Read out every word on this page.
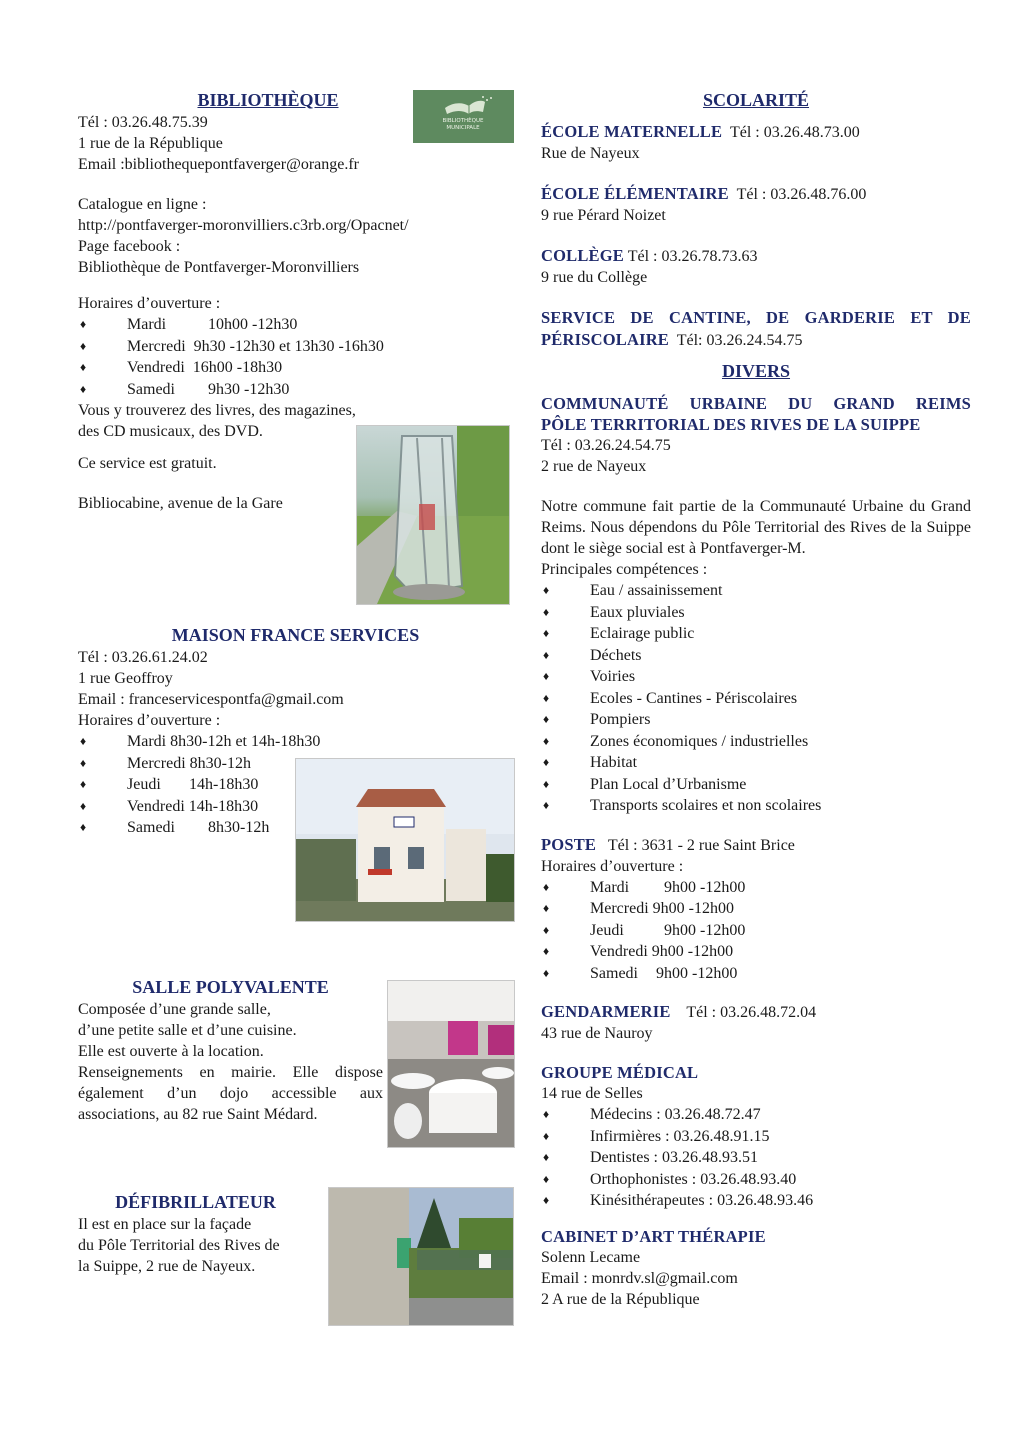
BIBLIOTHÈQUE

Tél : 03.26.48.75.39

1 rue de la République

Email :bibliothequepontfaverger@orange.fr

Catalogue en ligne :

http://pontfaverger-moronvilliers.c3rb.org/Opacnet/

Page facebook :

Bibliothèque de Pontfaverger-Moronvilliers

Horaires d’ouverture :

♦	Mardi	10h00 -12h30
♦	Mercredi 9h30 -12h30 et 13h30 -16h30
♦	Vendredi 16h00 -18h30
♦	Samedi 9h30 -12h30

Vous y trouverez des livres, des magazines,

des CD musicaux, des DVD.

Ce service est gratuit.

Bibliocabine, avenue de la Gare

MAISON FRANCE SERVICES

Tél : 03.26.61.24.02

1 rue Geoffroy

Email : franceservicespontfa@gmail.com

Horaires d’ouverture :

♦	Mardi 8h30-12h et 14h-18h30
♦	Mercredi 8h30-12h
♦	Jeudi 14h-18h30
♦	Vendredi 14h-18h30
♦	Samedi 8h30-12h
SALLE POLYVALENTE

Composée d’une grande salle,

d’une petite salle et d’une cuisine.

Elle est ouverte à la location.

Renseignements en mairie. Elle dispose également d’un dojo accessible aux associations, au 82 rue Saint Médard.

DÉFIBRILLATEUR

Il est en place sur la façade

du Pôle Territorial des Rives de

la Suippe, 2 rue de Nayeux.

BIBLIOTHÈQUE MUNICIPALE
SCOLARITÉ

ÉCOLE MATERNELLE Tél : 03.26.48.73.00

Rue de Nayeux

ÉCOLE ÉLÉMENTAIRE Tél : 03.26.48.76.00

9 rue Pérard Noizet

COLLÈGE Tél : 03.26.78.73.63

9 rue du Collège

SERVICE DE CANTINE, DE GARDERIE ET DE PÉRISCOLAIRE Tél: 03.26.24.54.75

DIVERS

COMMUNAUTÉ URBAINE DU GRAND REIMS

PÔLE TERRITORIAL DES RIVES DE LA SUIPPE

Tél : 03.26.24.54.75

2 rue de Nayeux

Notre commune fait partie de la Communauté Urbaine du Grand Reims. Nous dépendons du Pôle Territorial des Rives de la Suippe dont le siège social est à Pontfaverger-M.

Principales compétences :

♦	Eau / assainissement
♦	Eaux pluviales
♦	Eclairage public
♦	Déchets
♦	Voiries
♦	Ecoles - Cantines - Périscolaires
♦	Pompiers
♦	Zones économiques / industrielles
♦	Habitat
♦	Plan Local d’Urbanisme
♦	Transports scolaires et non scolaires

POSTE Tél : 3631 - 2 rue Saint Brice

Horaires d’ouverture :

♦	Mardi 9h00 -12h00
♦	Mercredi 9h00 -12h00
♦	Jeudi	9h00 -12h00
♦	Vendredi 9h00 -12h00
♦	Samedi 9h00 -12h00

GENDARMERIE Tél : 03.26.48.72.04

43 rue de Nauroy

GROUPE MÉDICAL

14 rue de Selles

♦	Médecins : 03.26.48.72.47
♦	Infirmières : 03.26.48.91.15
♦	Dentistes : 03.26.48.93.51
♦	Orthophonistes : 03.26.48.93.40
♦	Kinésithérapeutes : 03.26.48.93.46

CABINET D’ART THÉRAPIE

Solenn Lecame

Email : monrdv.sl@gmail.com

2 A rue de la République
